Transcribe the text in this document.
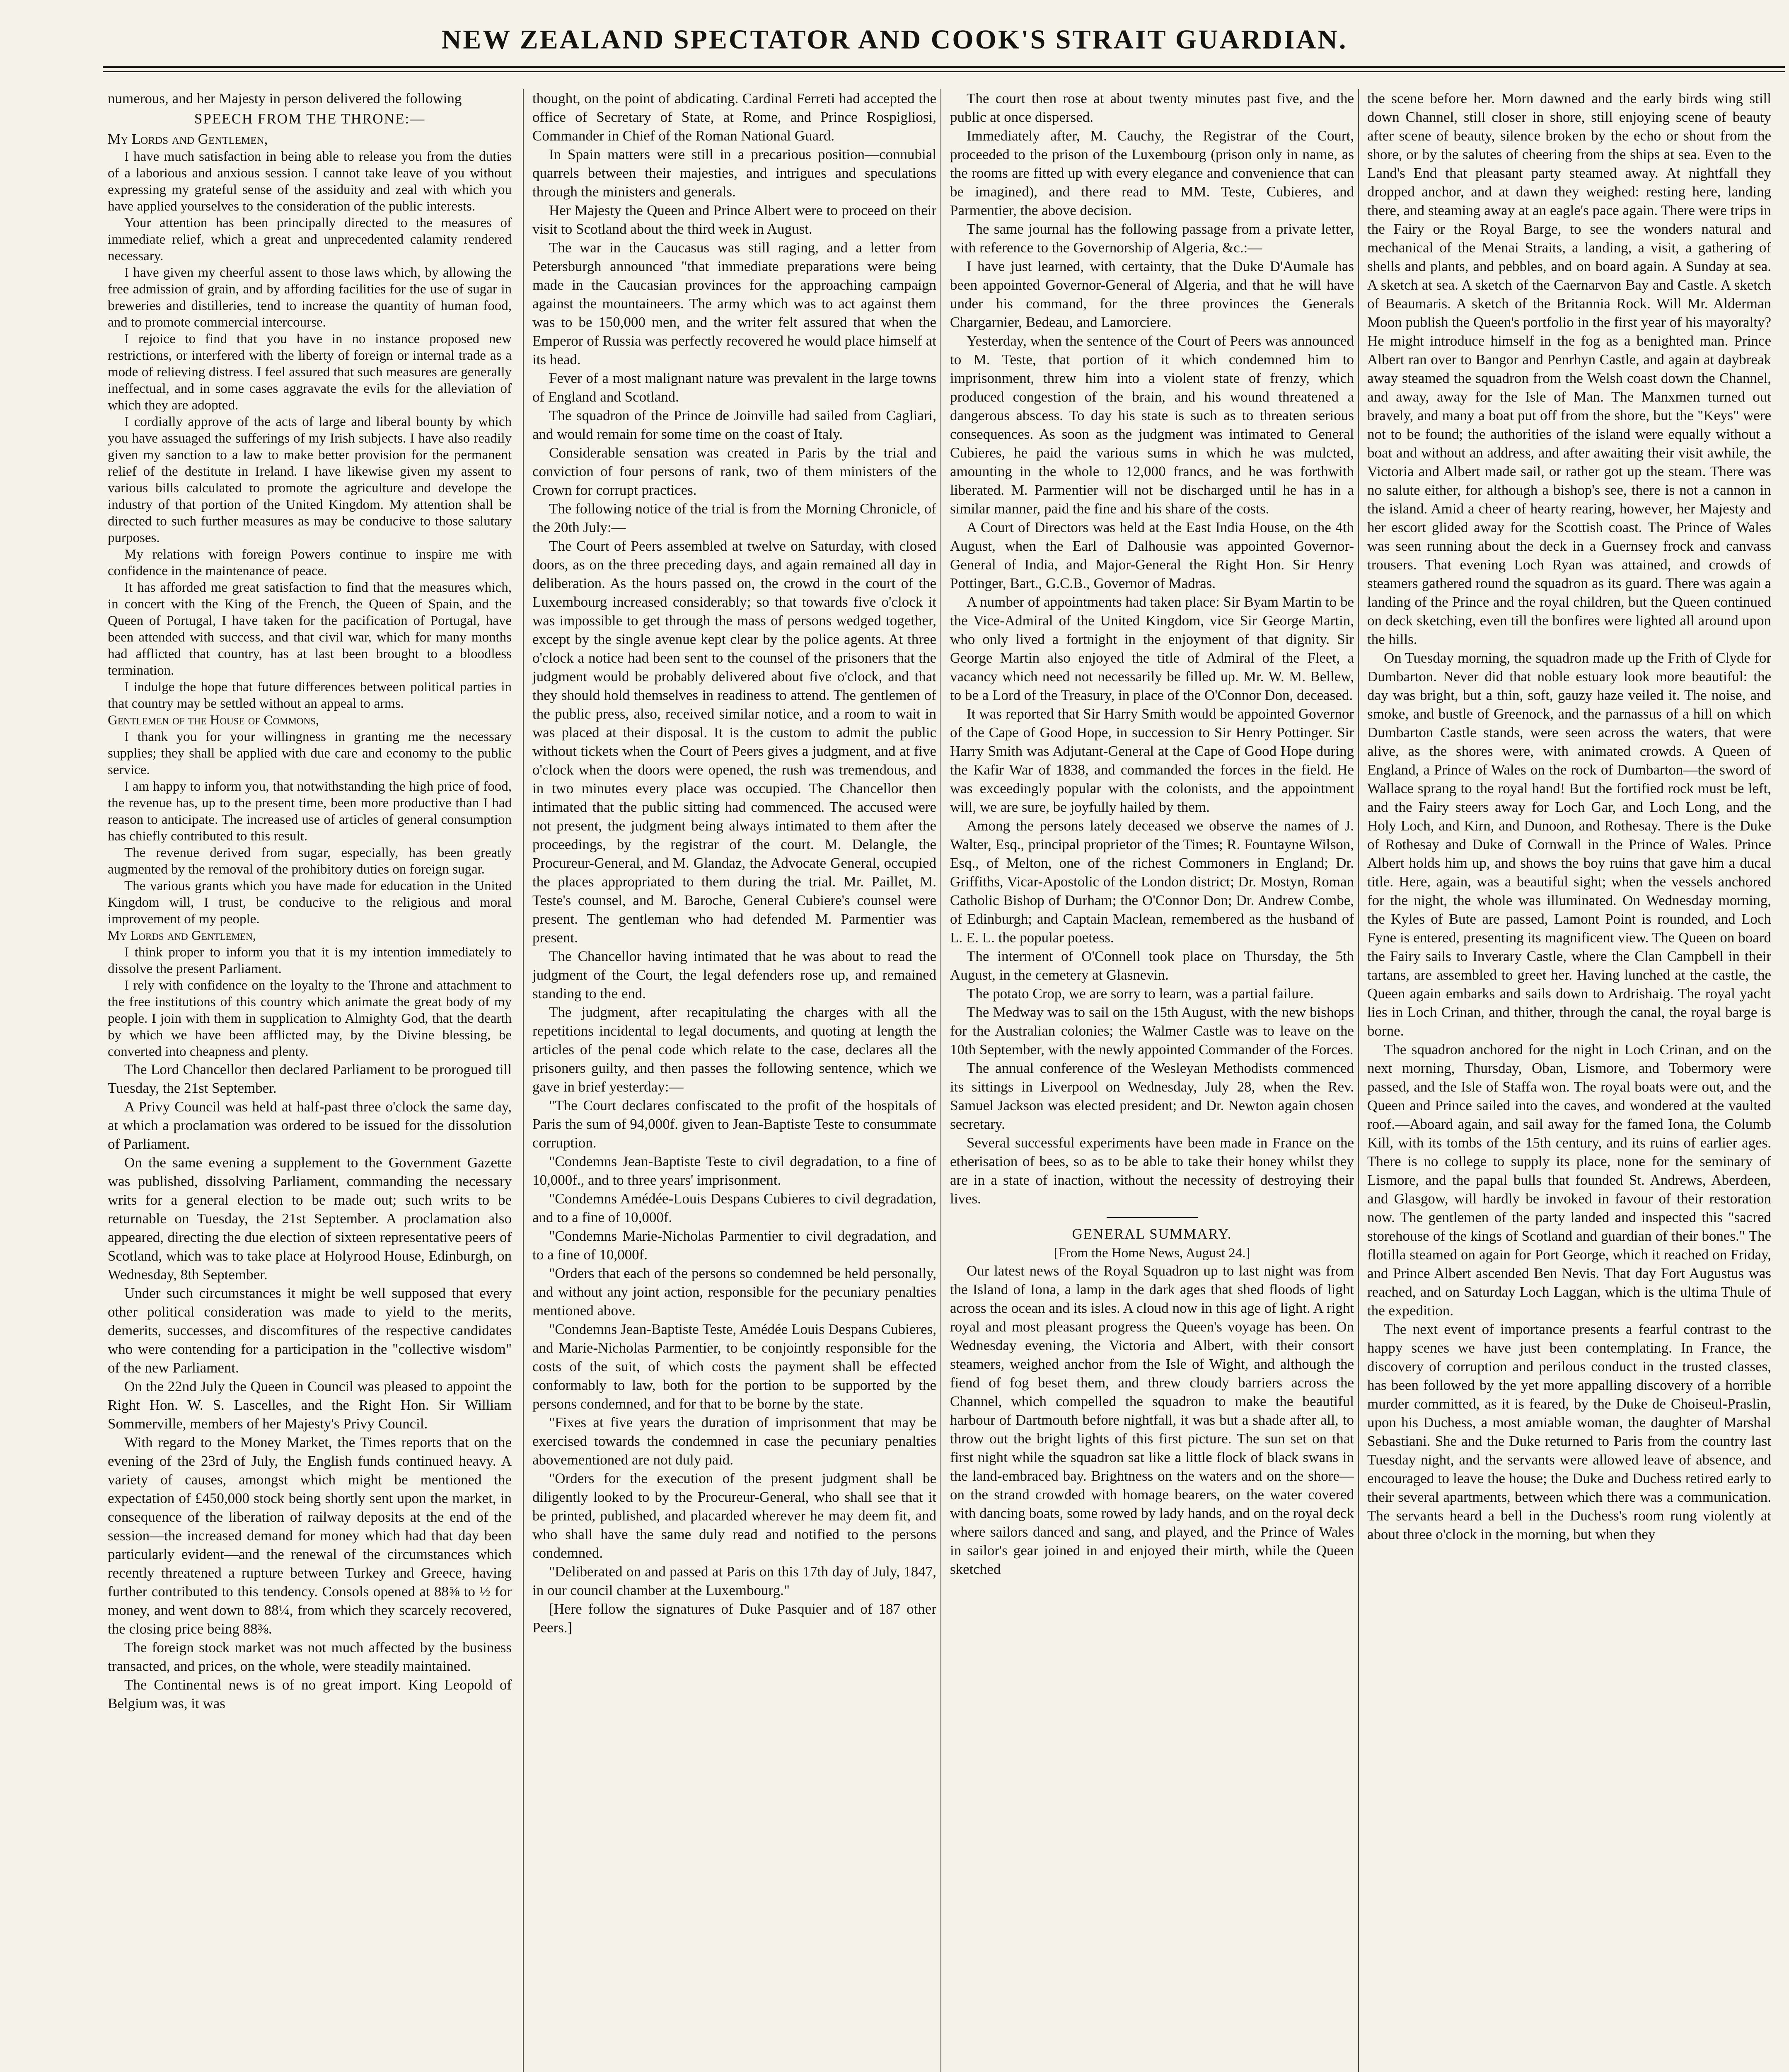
NEW ZEALAND SPECTATOR AND COOK'S STRAIT GUARDIAN.

numerous, and her Majesty in person delivered the following

SPEECH FROM THE THRONE:—

My Lords and Gentlemen,

I have much satisfaction in being able to release you from the duties of a laborious and anxious session. I cannot take leave of you without expressing my grateful sense of the assiduity and zeal with which you have applied yourselves to the consideration of the public interests.

Your attention has been principally directed to the measures of immediate relief, which a great and unprecedented calamity rendered necessary.

I have given my cheerful assent to those laws which, by allowing the free admission of grain, and by affording facilities for the use of sugar in breweries and distilleries, tend to increase the quantity of human food, and to promote commercial intercourse.

I rejoice to find that you have in no instance proposed new restrictions, or interfered with the liberty of foreign or internal trade as a mode of relieving distress. I feel assured that such measures are generally ineffectual, and in some cases aggravate the evils for the alleviation of which they are adopted.

I cordially approve of the acts of large and liberal bounty by which you have assuaged the sufferings of my Irish subjects. I have also readily given my sanction to a law to make better provision for the permanent relief of the destitute in Ireland. I have likewise given my assent to various bills calculated to promote the agriculture and develope the industry of that portion of the United Kingdom. My attention shall be directed to such further measures as may be conducive to those salutary purposes.

My relations with foreign Powers continue to inspire me with confidence in the maintenance of peace.

It has afforded me great satisfaction to find that the measures which, in concert with the King of the French, the Queen of Spain, and the Queen of Portugal, I have taken for the pacification of Portugal, have been attended with success, and that civil war, which for many months had afflicted that country, has at last been brought to a bloodless termination.

I indulge the hope that future differences between political parties in that country may be settled without an appeal to arms.

Gentlemen of the House of Commons,

I thank you for your willingness in granting me the necessary supplies; they shall be applied with due care and economy to the public service.

I am happy to inform you, that notwithstanding the high price of food, the revenue has, up to the present time, been more productive than I had reason to anticipate. The increased use of articles of general consumption has chiefly contributed to this result.

The revenue derived from sugar, especially, has been greatly augmented by the removal of the prohibitory duties on foreign sugar.

The various grants which you have made for education in the United Kingdom will, I trust, be conducive to the religious and moral improvement of my people.

My Lords and Gentlemen,

I think proper to inform you that it is my intention immediately to dissolve the present Parliament.

I rely with confidence on the loyalty to the Throne and attachment to the free institutions of this country which animate the great body of my people. I join with them in supplication to Almighty God, that the dearth by which we have been afflicted may, by the Divine blessing, be converted into cheapness and plenty.

The Lord Chancellor then declared Parliament to be prorogued till Tuesday, the 21st September.

A Privy Council was held at half-past three o'clock the same day, at which a proclamation was ordered to be issued for the dissolution of Parliament.

On the same evening a supplement to the Government Gazette was published, dissolving Parliament, commanding the necessary writs for a general election to be made out; such writs to be returnable on Tuesday, the 21st September. A proclamation also appeared, directing the due election of sixteen representative peers of Scotland, which was to take place at Holyrood House, Edinburgh, on Wednesday, 8th September.

Under such circumstances it might be well supposed that every other political consideration was made to yield to the merits, demerits, successes, and discomfitures of the respective candidates who were contending for a participation in the "collective wisdom" of the new Parliament.

On the 22nd July the Queen in Council was pleased to appoint the Right Hon. W. S. Lascelles, and the Right Hon. Sir William Sommerville, members of her Majesty's Privy Council.

With regard to the Money Market, the Times reports that on the evening of the 23rd of July, the English funds continued heavy. A variety of causes, amongst which might be mentioned the expectation of £450,000 stock being shortly sent upon the market, in consequence of the liberation of railway deposits at the end of the session—the increased demand for money which had that day been particularly evident—and the renewal of the circumstances which recently threatened a rupture between Turkey and Greece, having further contributed to this tendency. Consols opened at 88⅝ to ½ for money, and went down to 88¼, from which they scarcely recovered, the closing price being 88⅜.

The foreign stock market was not much affected by the business transacted, and prices, on the whole, were steadily maintained.

The Continental news is of no great import. King Leopold of Belgium was, it was

thought, on the point of abdicating. Cardinal Ferreti had accepted the office of Secretary of State, at Rome, and Prince Rospigliosi, Commander in Chief of the Roman National Guard.

In Spain matters were still in a precarious position—connubial quarrels between their majesties, and intrigues and speculations through the ministers and generals.

Her Majesty the Queen and Prince Albert were to proceed on their visit to Scotland about the third week in August.

The war in the Caucasus was still raging, and a letter from Petersburgh announced "that immediate preparations were being made in the Caucasian provinces for the approaching campaign against the mountaineers. The army which was to act against them was to be 150,000 men, and the writer felt assured that when the Emperor of Russia was perfectly recovered he would place himself at its head.

Fever of a most malignant nature was prevalent in the large towns of England and Scotland.

The squadron of the Prince de Joinville had sailed from Cagliari, and would remain for some time on the coast of Italy.

Considerable sensation was created in Paris by the trial and conviction of four persons of rank, two of them ministers of the Crown for corrupt practices.

The following notice of the trial is from the Morning Chronicle, of the 20th July:—

The Court of Peers assembled at twelve on Saturday, with closed doors, as on the three preceding days, and again remained all day in deliberation. As the hours passed on, the crowd in the court of the Luxembourg increased considerably; so that towards five o'clock it was impossible to get through the mass of persons wedged together, except by the single avenue kept clear by the police agents. At three o'clock a notice had been sent to the counsel of the prisoners that the judgment would be probably delivered about five o'clock, and that they should hold themselves in readiness to attend. The gentlemen of the public press, also, received similar notice, and a room to wait in was placed at their disposal. It is the custom to admit the public without tickets when the Court of Peers gives a judgment, and at five o'clock when the doors were opened, the rush was tremendous, and in two minutes every place was occupied. The Chancellor then intimated that the public sitting had commenced. The accused were not present, the judgment being always intimated to them after the proceedings, by the registrar of the court. M. Delangle, the Procureur-General, and M. Glandaz, the Advocate General, occupied the places appropriated to them during the trial. Mr. Paillet, M. Teste's counsel, and M. Baroche, General Cubiere's counsel were present. The gentleman who had defended M. Parmentier was present.

The Chancellor having intimated that he was about to read the judgment of the Court, the legal defenders rose up, and remained standing to the end.

The judgment, after recapitulating the charges with all the repetitions incidental to legal documents, and quoting at length the articles of the penal code which relate to the case, declares all the prisoners guilty, and then passes the following sentence, which we gave in brief yesterday:—

"The Court declares confiscated to the profit of the hospitals of Paris the sum of 94,000f. given to Jean-Baptiste Teste to consummate corruption.

"Condemns Jean-Baptiste Teste to civil degradation, to a fine of 10,000f., and to three years' imprisonment.

"Condemns Amédée-Louis Despans Cubieres to civil degradation, and to a fine of 10,000f.

"Condemns Marie-Nicholas Parmentier to civil degradation, and to a fine of 10,000f.

"Orders that each of the persons so condemned be held personally, and without any joint action, responsible for the pecuniary penalties mentioned above.

"Condemns Jean-Baptiste Teste, Amédée Louis Despans Cubieres, and Marie-Nicholas Parmentier, to be conjointly responsible for the costs of the suit, of which costs the payment shall be effected conformably to law, both for the portion to be supported by the persons condemned, and for that to be borne by the state.

"Fixes at five years the duration of imprisonment that may be exercised towards the condemned in case the pecuniary penalties abovementioned are not duly paid.

"Orders for the execution of the present judgment shall be diligently looked to by the Procureur-General, who shall see that it be printed, published, and placarded wherever he may deem fit, and who shall have the same duly read and notified to the persons condemned.

"Deliberated on and passed at Paris on this 17th day of July, 1847, in our council chamber at the Luxembourg."

[Here follow the signatures of Duke Pasquier and of 187 other Peers.]

The court then rose at about twenty minutes past five, and the public at once dispersed.

Immediately after, M. Cauchy, the Registrar of the Court, proceeded to the prison of the Luxembourg (prison only in name, as the rooms are fitted up with every elegance and convenience that can be imagined), and there read to MM. Teste, Cubieres, and Parmentier, the above decision.

The same journal has the following passage from a private letter, with reference to the Governorship of Algeria, &c.:—

I have just learned, with certainty, that the Duke D'Aumale has been appointed Governor-General of Algeria, and that he will have under his command, for the three provinces the Generals Chargarnier, Bedeau, and Lamorciere.

Yesterday, when the sentence of the Court of Peers was announced to M. Teste, that portion of it which condemned him to imprisonment, threw him into a violent state of frenzy, which produced congestion of the brain, and his wound threatened a dangerous abscess. To day his state is such as to threaten serious consequences. As soon as the judgment was intimated to General Cubieres, he paid the various sums in which he was mulcted, amounting in the whole to 12,000 francs, and he was forthwith liberated. M. Parmentier will not be discharged until he has in a similar manner, paid the fine and his share of the costs.

A Court of Directors was held at the East India House, on the 4th August, when the Earl of Dalhousie was appointed Governor-General of India, and Major-General the Right Hon. Sir Henry Pottinger, Bart., G.C.B., Governor of Madras.

A number of appointments had taken place: Sir Byam Martin to be the Vice-Admiral of the United Kingdom, vice Sir George Martin, who only lived a fortnight in the enjoyment of that dignity. Sir George Martin also enjoyed the title of Admiral of the Fleet, a vacancy which need not necessarily be filled up. Mr. W. M. Bellew, to be a Lord of the Treasury, in place of the O'Connor Don, deceased.

It was reported that Sir Harry Smith would be appointed Governor of the Cape of Good Hope, in succession to Sir Henry Pottinger. Sir Harry Smith was Adjutant-General at the Cape of Good Hope during the Kafir War of 1838, and commanded the forces in the field. He was exceedingly popular with the colonists, and the appointment will, we are sure, be joyfully hailed by them.

Among the persons lately deceased we observe the names of J. Walter, Esq., principal proprietor of the Times; R. Fountayne Wilson, Esq., of Melton, one of the richest Commoners in England; Dr. Griffiths, Vicar-Apostolic of the London district; Dr. Mostyn, Roman Catholic Bishop of Durham; the O'Connor Don; Dr. Andrew Combe, of Edinburgh; and Captain Maclean, remembered as the husband of L. E. L. the popular poetess.

The interment of O'Connell took place on Thursday, the 5th August, in the cemetery at Glasnevin.

The potato Crop, we are sorry to learn, was a partial failure.

The Medway was to sail on the 15th August, with the new bishops for the Australian colonies; the Walmer Castle was to leave on the 10th September, with the newly appointed Commander of the Forces.

The annual conference of the Wesleyan Methodists commenced its sittings in Liverpool on Wednesday, July 28, when the Rev. Samuel Jackson was elected president; and Dr. Newton again chosen secretary.

Several successful experiments have been made in France on the etherisation of bees, so as to be able to take their honey whilst they are in a state of inaction, without the necessity of destroying their lives.

GENERAL SUMMARY.

[From the Home News, August 24.]

Our latest news of the Royal Squadron up to last night was from the Island of Iona, a lamp in the dark ages that shed floods of light across the ocean and its isles. A cloud now in this age of light. A right royal and most pleasant progress the Queen's voyage has been. On Wednesday evening, the Victoria and Albert, with their consort steamers, weighed anchor from the Isle of Wight, and although the fiend of fog beset them, and threw cloudy barriers across the Channel, which compelled the squadron to make the beautiful harbour of Dartmouth before nightfall, it was but a shade after all, to throw out the bright lights of this first picture. The sun set on that first night while the squadron sat like a little flock of black swans in the land-embraced bay. Brightness on the waters and on the shore—on the strand crowded with homage bearers, on the water covered with dancing boats, some rowed by lady hands, and on the royal deck where sailors danced and sang, and played, and the Prince of Wales in sailor's gear joined in and enjoyed their mirth, while the Queen sketched

the scene before her. Morn dawned and the early birds wing still down Channel, still closer in shore, still enjoying scene of beauty after scene of beauty, silence broken by the echo or shout from the shore, or by the salutes of cheering from the ships at sea. Even to the Land's End that pleasant party steamed away. At nightfall they dropped anchor, and at dawn they weighed: resting here, landing there, and steaming away at an eagle's pace again. There were trips in the Fairy or the Royal Barge, to see the wonders natural and mechanical of the Menai Straits, a landing, a visit, a gathering of shells and plants, and pebbles, and on board again. A Sunday at sea. A sketch at sea. A sketch of the Caernarvon Bay and Castle. A sketch of Beaumaris. A sketch of the Britannia Rock. Will Mr. Alderman Moon publish the Queen's portfolio in the first year of his mayoralty? He might introduce himself in the fog as a benighted man. Prince Albert ran over to Bangor and Penrhyn Castle, and again at daybreak away steamed the squadron from the Welsh coast down the Channel, and away, away for the Isle of Man. The Manxmen turned out bravely, and many a boat put off from the shore, but the "Keys" were not to be found; the authorities of the island were equally without a boat and without an address, and after awaiting their visit awhile, the Victoria and Albert made sail, or rather got up the steam. There was no salute either, for although a bishop's see, there is not a cannon in the island. Amid a cheer of hearty rearing, however, her Majesty and her escort glided away for the Scottish coast. The Prince of Wales was seen running about the deck in a Guernsey frock and canvass trousers. That evening Loch Ryan was attained, and crowds of steamers gathered round the squadron as its guard. There was again a landing of the Prince and the royal children, but the Queen continued on deck sketching, even till the bonfires were lighted all around upon the hills.

On Tuesday morning, the squadron made up the Frith of Clyde for Dumbarton. Never did that noble estuary look more beautiful: the day was bright, but a thin, soft, gauzy haze veiled it. The noise, and smoke, and bustle of Greenock, and the parnassus of a hill on which Dumbarton Castle stands, were seen across the waters, that were alive, as the shores were, with animated crowds. A Queen of England, a Prince of Wales on the rock of Dumbarton—the sword of Wallace sprang to the royal hand! But the fortified rock must be left, and the Fairy steers away for Loch Gar, and Loch Long, and the Holy Loch, and Kirn, and Dunoon, and Rothesay. There is the Duke of Rothesay and Duke of Cornwall in the Prince of Wales. Prince Albert holds him up, and shows the boy ruins that gave him a ducal title. Here, again, was a beautiful sight; when the vessels anchored for the night, the whole was illuminated. On Wednesday morning, the Kyles of Bute are passed, Lamont Point is rounded, and Loch Fyne is entered, presenting its magnificent view. The Queen on board the Fairy sails to Inverary Castle, where the Clan Campbell in their tartans, are assembled to greet her. Having lunched at the castle, the Queen again embarks and sails down to Ardrishaig. The royal yacht lies in Loch Crinan, and thither, through the canal, the royal barge is borne.

The squadron anchored for the night in Loch Crinan, and on the next morning, Thursday, Oban, Lismore, and Tobermory were passed, and the Isle of Staffa won. The royal boats were out, and the Queen and Prince sailed into the caves, and wondered at the vaulted roof.—Aboard again, and sail away for the famed Iona, the Columb Kill, with its tombs of the 15th century, and its ruins of earlier ages. There is no college to supply its place, none for the seminary of Lismore, and the papal bulls that founded St. Andrews, Aberdeen, and Glasgow, will hardly be invoked in favour of their restoration now. The gentlemen of the party landed and inspected this "sacred storehouse of the kings of Scotland and guardian of their bones." The flotilla steamed on again for Port George, which it reached on Friday, and Prince Albert ascended Ben Nevis. That day Fort Augustus was reached, and on Saturday Loch Laggan, which is the ultima Thule of the expedition.

The next event of importance presents a fearful contrast to the happy scenes we have just been contemplating. In France, the discovery of corruption and perilous conduct in the trusted classes, has been followed by the yet more appalling discovery of a horrible murder committed, as it is feared, by the Duke de Choiseul-Praslin, upon his Duchess, a most amiable woman, the daughter of Marshal Sebastiani. She and the Duke returned to Paris from the country last Tuesday night, and the servants were allowed leave of absence, and encouraged to leave the house; the Duke and Duchess retired early to their several apartments, between which there was a communication. The servants heard a bell in the Duchess's room rung violently at about three o'clock in the morning, but when they
